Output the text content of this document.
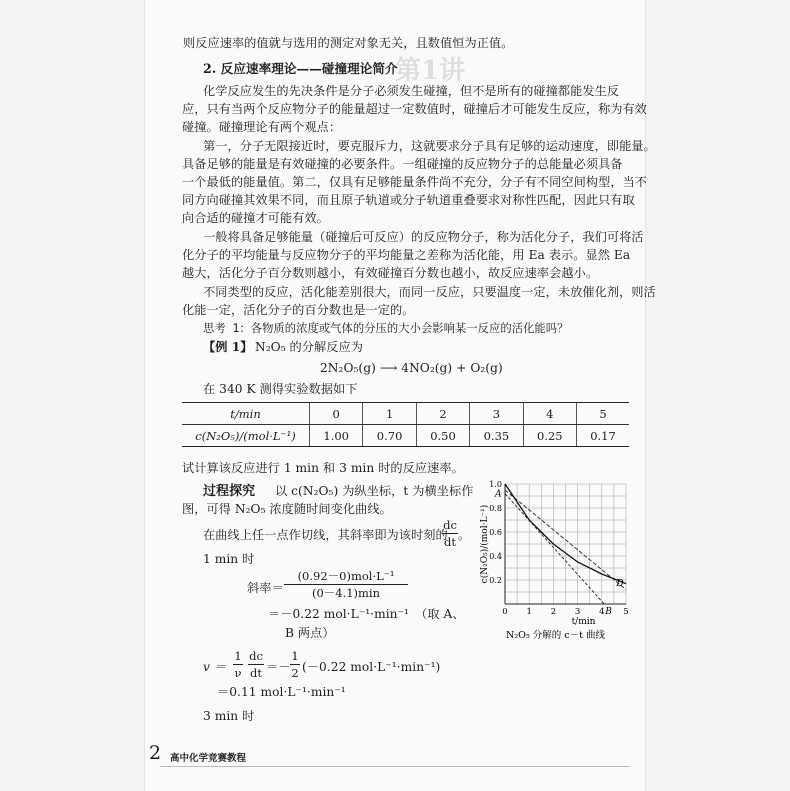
第1讲
则反应速率的值就与选用的测定对象无关，且数值恒为正值。
2. 反应速率理论——碰撞理论简介
化学反应发生的先决条件是分子必须发生碰撞，但不是所有的碰撞都能发生反
应，只有当两个反应物分子的能量超过一定数值时，碰撞后才可能发生反应，称为有效
碰撞。碰撞理论有两个观点：
第一，分子无限接近时，要克服斥力，这就要求分子具有足够的运动速度，即能量。
具备足够的能量是有效碰撞的必要条件。一组碰撞的反应物分子的总能量必须具备
一个最低的能量值。第二，仅具有足够能量条件尚不充分，分子有不同空间构型，当不
同方向碰撞其效果不同，而且原子轨道或分子轨道重叠要求对称性匹配，因此只有取
向合适的碰撞才可能有效。
一般将具备足够能量（碰撞后可反应）的反应物分子，称为活化分子，我们可将活
化分子的平均能量与反应物分子的平均能量之差称为活化能，用 Ea 表示。显然 Ea
越大，活化分子百分数则越小，有效碰撞百分数也越小，故反应速率会越小。
不同类型的反应，活化能差别很大，而同一反应，只要温度一定，未放催化剂，则活
化能一定，活化分子的百分数也是一定的。
思考 1：各物质的浓度或气体的分压的大小会影响某一反应的活化能吗？
【例 1】 N₂O₅ 的分解反应为
2N₂O₅(g) ⟶ 4NO₂(g) + O₂(g)
在 340 K 测得实验数据如下
t/min	0	1	2	3	4	5
c(N₂O₅)/(mol·L⁻¹)	1.00	0.70	0.50	0.35	0.25	0.17
试计算该反应进行 1 min 和 3 min 时的反应速率。
过程探究 以 c(N₂O₅) 为纵坐标，t 为横坐标作
图，可得 N₂O₅ 浓度随时间变化曲线。
在曲线上任一点作切线，其斜率即为该时刻的
dc
dt 。
1 min 时
斜率＝
(0.92－0)mol·L⁻¹
(0－4.1)min
＝－0.22 mol·L⁻¹·min⁻¹　（取 A、
B 两点）
v ＝
1
ν
dc
dt ＝－
1
2 (－0.22 mol·L⁻¹·min⁻¹)
＝0.11 mol·L⁻¹·min⁻¹
3 min 时
0 1 2 3 4 5
0.2
0.4
0.6
0.8
1.0
c(N₂O₅)/(mol·L⁻¹)
t/min
A
B
D
N₂O₅ 分解的 c－t 曲线
2 高中化学竞赛教程
